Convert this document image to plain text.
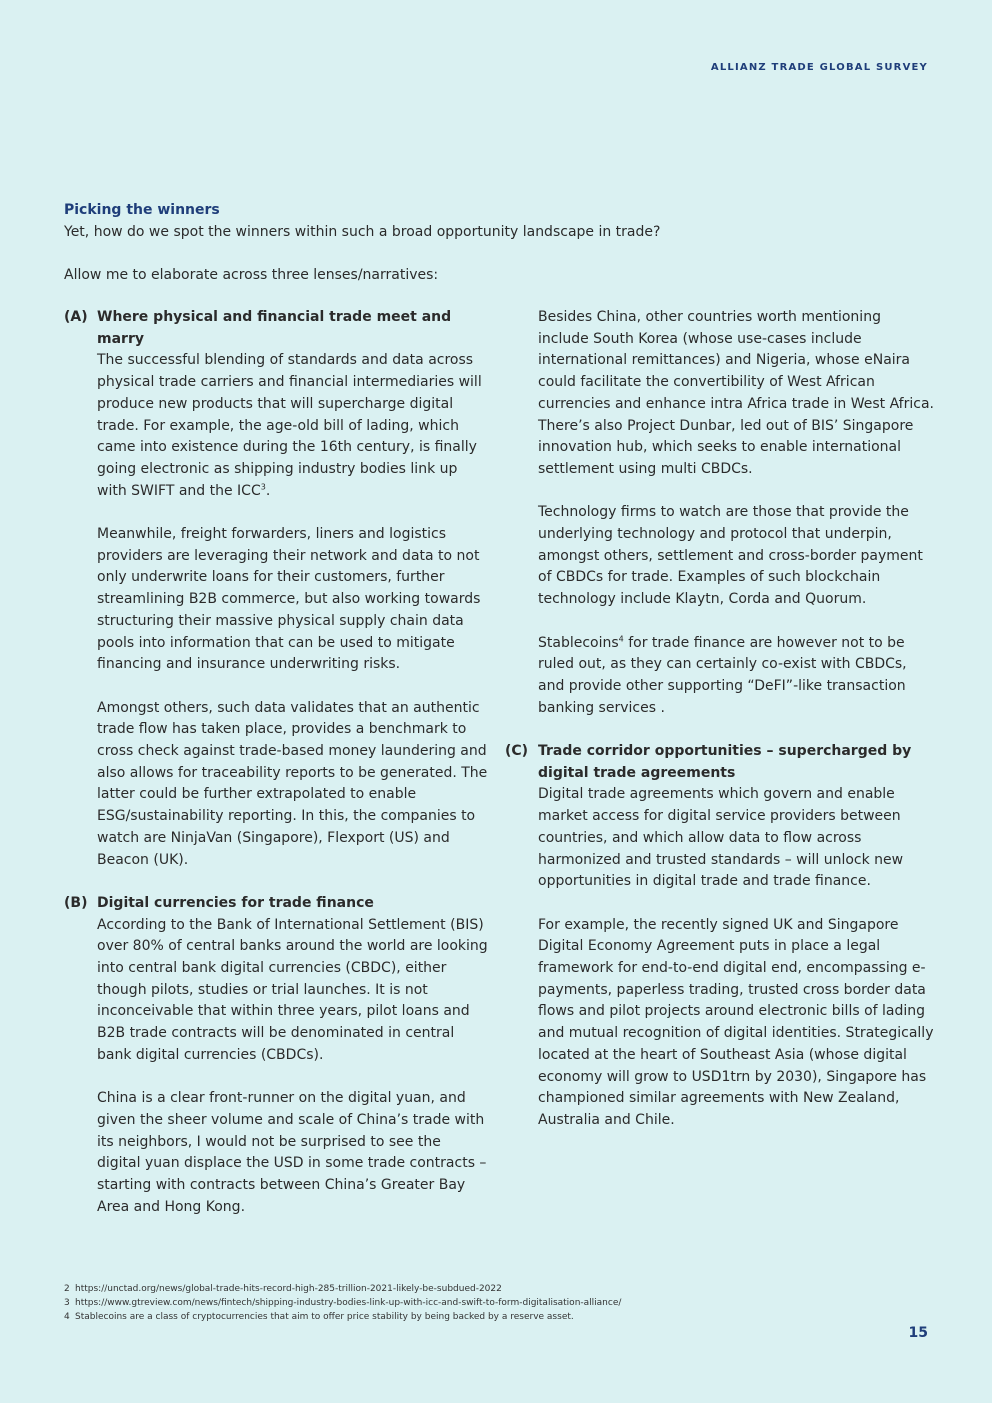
ALLIANZ TRADE GLOBAL SURVEY

Picking the winners

Yet, how do we spot the winners within such a broad opportunity landscape in trade?

Allow me to elaborate across three lenses/narratives:

(A) Where physical and financial trade meet and marry

The successful blending of standards and data across physical trade carriers and financial intermediaries will produce new products that will supercharge digital trade. For example, the age-old bill of lading, which came into existence during the 16th century, is finally going electronic as shipping industry bodies link up with SWIFT and the ICC$^3$.

Meanwhile, freight forwarders, liners and logistics providers are leveraging their network and data to not only underwrite loans for their customers, further streamlining B2B commerce, but also working towards structuring their massive physical supply chain data pools into information that can be used to mitigate financing and insurance underwriting risks.

Amongst others, such data validates that an authentic trade flow has taken place, provides a benchmark to cross check against trade-based money laundering and also allows for traceability reports to be generated. The latter could be further extrapolated to enable ESG/sustainability reporting. In this, the companies to watch are NinjaVan (Singapore), Flexport (US) and Beacon (UK).

(B) Digital currencies for trade finance

According to the Bank of International Settlement (BIS) over 80% of central banks around the world are looking into central bank digital currencies (CBDC), either though pilots, studies or trial launches. It is not inconceivable that within three years, pilot loans and B2B trade contracts will be denominated in central bank digital currencies (CBDCs).

China is a clear front-runner on the digital yuan, and given the sheer volume and scale of China’s trade with its neighbors, I would not be surprised to see the digital yuan displace the USD in some trade contracts – starting with contracts between China’s Greater Bay Area and Hong Kong.

Besides China, other countries worth mentioning include South Korea (whose use-cases include international remittances) and Nigeria, whose eNaira could facilitate the convertibility of West African currencies and enhance intra Africa trade in West Africa. There’s also Project Dunbar, led out of BIS’ Singapore innovation hub, which seeks to enable international settlement using multi CBDCs.

Technology firms to watch are those that provide the underlying technology and protocol that underpin, amongst others, settlement and cross-border payment of CBDCs for trade. Examples of such blockchain technology include Klaytn, Corda and Quorum.

Stablecoins$^4$ for trade finance are however not to be ruled out, as they can certainly co-exist with CBDCs, and provide other supporting “DeFI”-like transaction banking services .

(C) Trade corridor opportunities – supercharged by digital trade agreements

Digital trade agreements which govern and enable market access for digital service providers between countries, and which allow data to flow across harmonized and trusted standards – will unlock new opportunities in digital trade and trade finance.

For example, the recently signed UK and Singapore Digital Economy Agreement puts in place a legal framework for end-to-end digital end, encompassing e-payments, paperless trading, trusted cross border data flows and pilot projects around electronic bills of lading and mutual recognition of digital identities. Strategically located at the heart of Southeast Asia (whose digital economy will grow to USD1trn by 2030), Singapore has championed similar agreements with New Zealand, Australia and Chile.

2 https://unctad.org/news/global-trade-hits-record-high-285-trillion-2021-likely-be-subdued-2022
3 https://www.gtreview.com/news/fintech/shipping-industry-bodies-link-up-with-icc-and-swift-to-form-digitalisation-alliance/
4 Stablecoins are a class of cryptocurrencies that aim to offer price stability by being backed by a reserve asset.
15
